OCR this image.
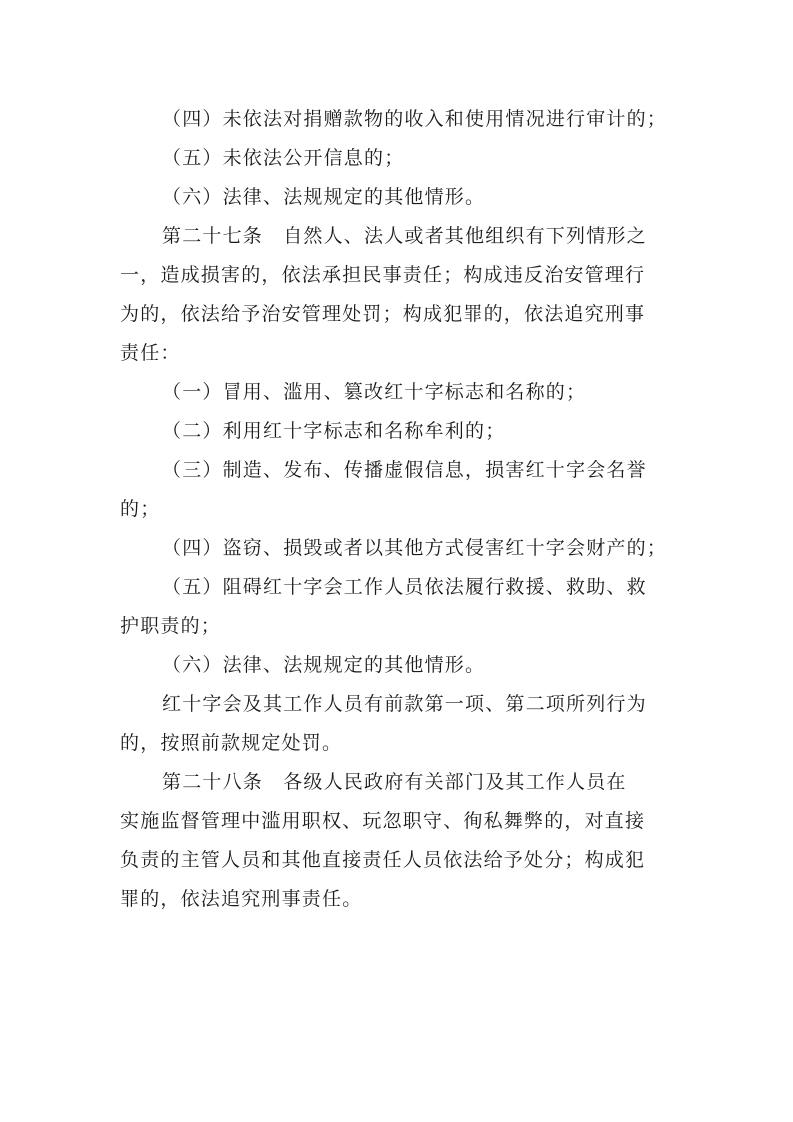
（四）未依法对捐赠款物的收入和使用情况进行审计的；
（五）未依法公开信息的；
（六）法律、法规规定的其他情形。
第二十七条　自然人、法人或者其他组织有下列情形之
一，造成损害的，依法承担民事责任；构成违反治安管理行
为的，依法给予治安管理处罚；构成犯罪的，依法追究刑事
责任：
（一）冒用、滥用、篡改红十字标志和名称的；
（二）利用红十字标志和名称牟利的；
（三）制造、发布、传播虚假信息，损害红十字会名誉
的；
（四）盗窃、损毁或者以其他方式侵害红十字会财产的；
（五）阻碍红十字会工作人员依法履行救援、救助、救
护职责的；
（六）法律、法规规定的其他情形。
红十字会及其工作人员有前款第一项、第二项所列行为
的，按照前款规定处罚。
第二十八条　各级人民政府有关部门及其工作人员在
实施监督管理中滥用职权、玩忽职守、徇私舞弊的，对直接
负责的主管人员和其他直接责任人员依法给予处分；构成犯
罪的，依法追究刑事责任。
